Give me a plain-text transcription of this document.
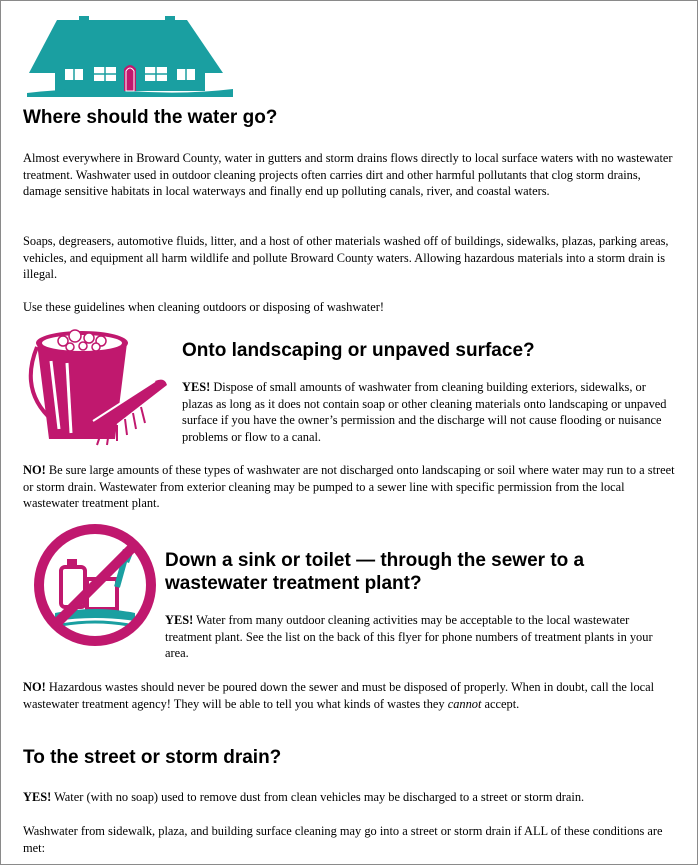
Where should the water go?

Almost everywhere in Broward County, water in gutters and storm drains flows directly to local surface waters with no wastewater treatment. Washwater used in outdoor cleaning projects often carries dirt and other harmful pollutants that clog storm drains, damage sensitive habitats in local waterways and finally end up polluting canals, river, and coastal waters.

Soaps, degreasers, automotive fluids, litter, and a host of other materials washed off of buildings, sidewalks, plazas, parking areas, vehicles, and equipment all harm wildlife and pollute Broward County waters. Allowing hazardous materials into a storm drain is illegal.

Use these guidelines when cleaning outdoors or disposing of washwater!

Onto landscaping or unpaved surface?

YES! Dispose of small amounts of washwater from cleaning building exteriors, sidewalks, or plazas as long as it does not contain soap or other cleaning materials onto landscaping or unpaved surface if you have the owner’s permission and the discharge will not cause flooding or nuisance problems or flow to a canal.

NO! Be sure large amounts of these types of washwater are not discharged onto landscaping or soil where water may run to a street or storm drain. Wastewater from exterior cleaning may be pumped to a sewer line with specific permission from the local wastewater treatment plant.

Down a sink or toilet — through the sewer to a
wastewater treatment plant?

YES! Water from many outdoor cleaning activities may be acceptable to the local wastewater treatment plant. See the list on the back of this flyer for phone numbers of treatment plants in your area.

NO! Hazardous wastes should never be poured down the sewer and must be disposed of properly. When in doubt, call the local wastewater treatment agency! They will be able to tell you what kinds of wastes they cannot accept.

To the street or storm drain?

YES! Water (with no soap) used to remove dust from clean vehicles may be discharged to a street or storm drain.

Washwater from sidewalk, plaza, and building surface cleaning may go into a street or storm drain if ALL of these conditions are met:
